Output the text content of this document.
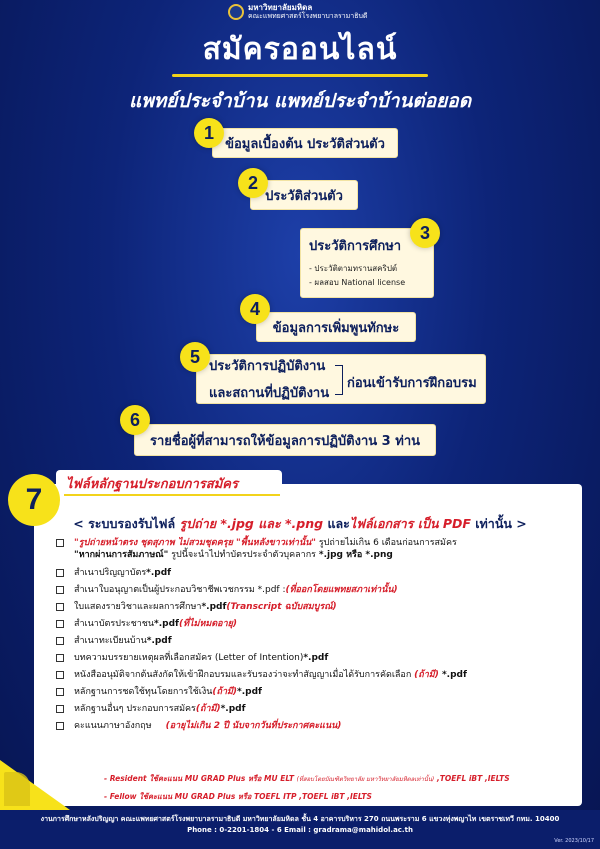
มหาวิทยาลัยมหิดล
คณะแพทยศาสตร์โรงพยาบาลรามาธิบดี
สมัครออนไลน์
แพทย์ประจำบ้าน แพทย์ประจำบ้านต่อยอด
ข้อมูลเบื้องต้น ประวัติส่วนตัว
1
ประวัติส่วนตัว
2
ประวัติการศึกษา
- ประวัติตามทรานสคริปต์
- ผลสอบ National license
3
ข้อมูลการเพิ่มพูนทักษะ
4
ประวัติการปฏิบัติงาน
และสถานที่ปฏิบัติงาน
ก่อนเข้ารับการฝึกอบรม
5
รายชื่อผู้ที่สามารถให้ข้อมูลการปฏิบัติงาน 3 ท่าน
6
ไฟล์หลักฐานประกอบการสมัคร
7
< ระบบรองรับไฟล์ รูปถ่าย *.jpg และ *.png และไฟล์เอกสาร เป็น PDF เท่านั้น >
"รูปถ่ายหน้าตรง ชุดสุภาพ ไม่สวมชุดครุย "พื้นหลังขาวเท่านั้น" รูปถ่ายไม่เกิน 6 เดือนก่อนการสมัคร
"หากผ่านการสัมภาษณ์" รูปนี้จะนำไปทำบัตรประจำตัวบุคลากร *.jpg หรือ *.png
สำเนาปริญญาบัตร *.pdf
สำเนาใบอนุญาตเป็นผู้ประกอบวิชาชีพเวชกรรม *.pdf : (ที่ออกโดยแพทยสภาเท่านั้น)
ใบแสดงรายวิชาและผลการศึกษา *.pdf (Transcript ฉบับสมบูรณ์)
สำเนาบัตรประชาชน *.pdf (ที่ไม่หมดอายุ)
สำเนาทะเบียนบ้าน *.pdf
บทความบรรยายเหตุผลที่เลือกสมัคร (Letter of Intention) *.pdf
หนังสืออนุมัติจากต้นสังกัดให้เข้าฝึกอบรมและรับรองว่าจะทำสัญญาเมื่อได้รับการคัดเลือก (ถ้ามี) *.pdf
หลักฐานการชดใช้ทุนโดยการใช้เงิน (ถ้ามี) *.pdf
หลักฐานอื่นๆ ประกอบการสมัคร (ถ้ามี) *.pdf
คะแนนภาษาอังกฤษ (อายุไม่เกิน 2 ปี นับจากวันที่ประกาศคะแนน)
- Resident ใช้คะแนน MU GRAD Plus หรือ MU ELT (ที่สอบโดยบัณฑิตวิทยาลัย มหาวิทยาลัยมหิดลเท่านั้น) ,TOEFL iBT ,IELTS
- Fellow ใช้คะแนน MU GRAD Plus หรือ TOEFL ITP ,TOEFL iBT ,IELTS
งานการศึกษาหลังปริญญา คณะแพทยศาสตร์โรงพยาบาลรามาธิบดี มหาวิทยาลัยมหิดล ชั้น 4 อาคารบริหาร 270 ถนนพระราม 6 แขวงทุ่งพญาไท เขตราชเทวี กทม. 10400
Phone : 0-2201-1804 - 6 Email : gradrama@mahidol.ac.th
Ver. 2023/10/17
